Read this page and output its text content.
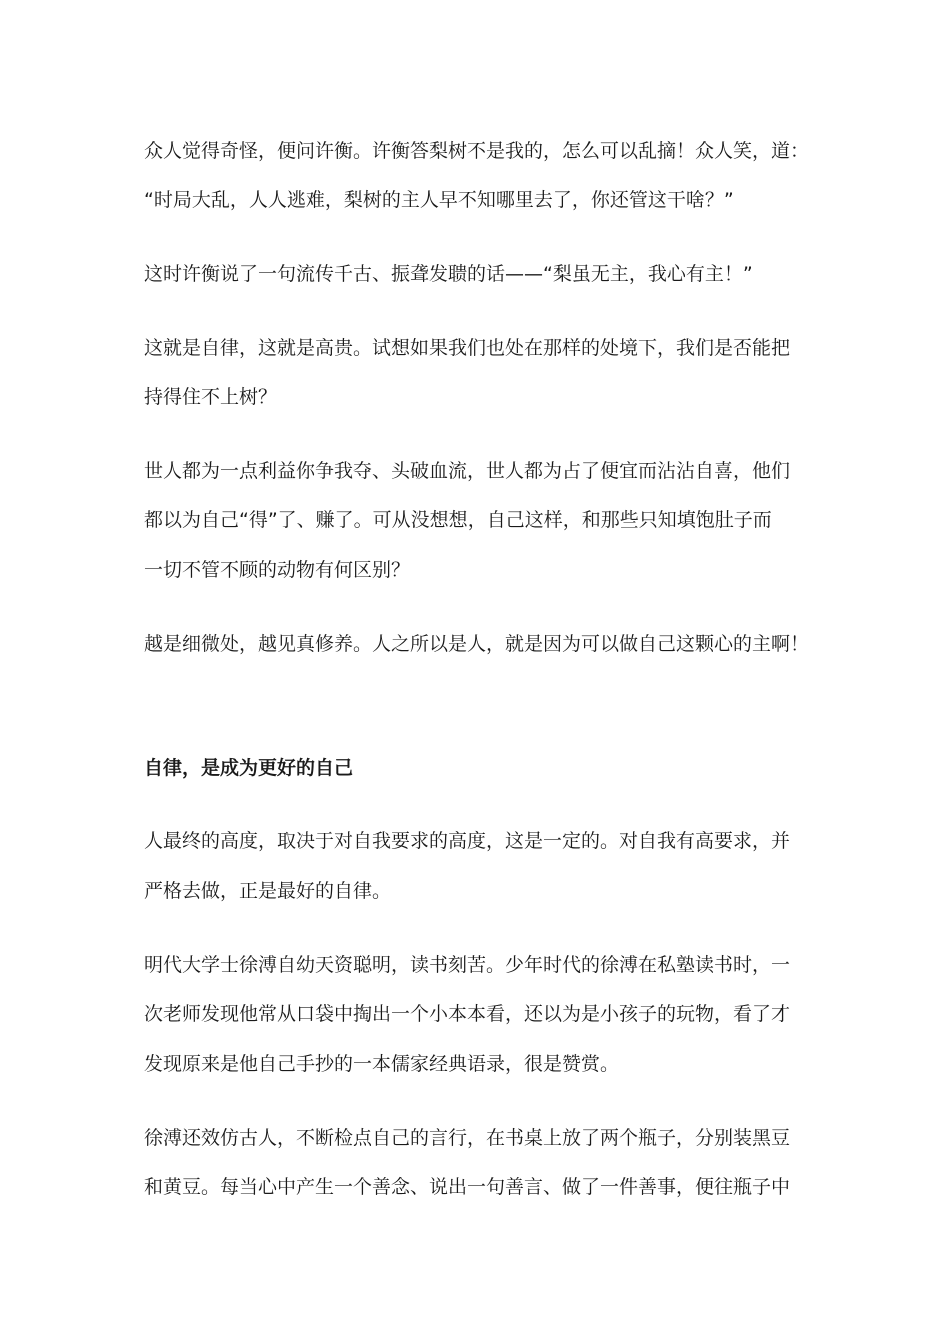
众人觉得奇怪，便问许衡。许衡答梨树不是我的，怎么可以乱摘！众人笑，道：
“时局大乱，人人逃难，梨树的主人早不知哪里去了，你还管这干啥？”
这时许衡说了一句流传千古、振聋发聩的话——“梨虽无主，我心有主！”
这就是自律，这就是高贵。试想如果我们也处在那样的处境下，我们是否能把
持得住不上树？
世人都为一点利益你争我夺、头破血流，世人都为占了便宜而沾沾自喜，他们
都以为自己“得”了、赚了。可从没想想，自己这样，和那些只知填饱肚子而
一切不管不顾的动物有何区别？
越是细微处，越见真修养。人之所以是人，就是因为可以做自己这颗心的主啊！
自律，是成为更好的自己
人最终的高度，取决于对自我要求的高度，这是一定的。对自我有高要求，并
严格去做，正是最好的自律。
明代大学士徐溥自幼天资聪明，读书刻苦。少年时代的徐溥在私塾读书时，一
次老师发现他常从口袋中掏出一个小本本看，还以为是小孩子的玩物，看了才
发现原来是他自己手抄的一本儒家经典语录，很是赞赏。
徐溥还效仿古人，不断检点自己的言行，在书桌上放了两个瓶子，分别装黑豆
和黄豆。每当心中产生一个善念、说出一句善言、做了一件善事，便往瓶子中
